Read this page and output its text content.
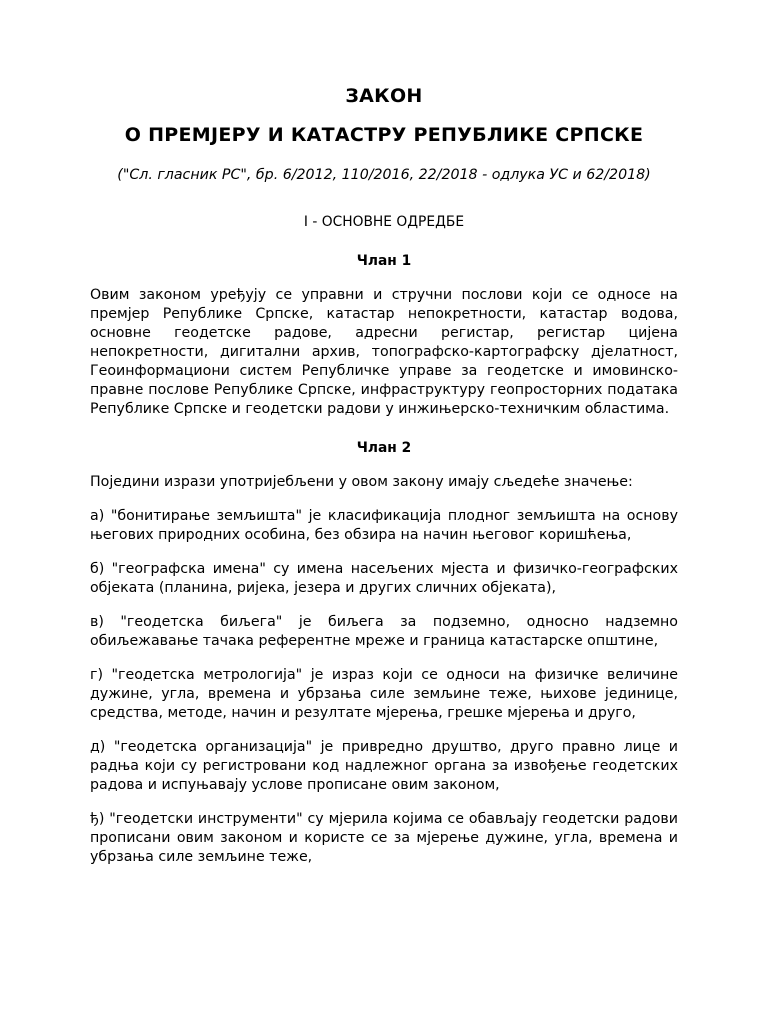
ЗАКОН

О ПРЕМЈЕРУ И КАТАСТРУ РЕПУБЛИКЕ СРПСКЕ

("Сл. гласник РС", бр. 6/2012, 110/2016, 22/2018 - одлука УС и 62/2018)

I - ОСНОВНЕ ОДРЕДБЕ

Члан 1

Овим законом уређују се управни и стручни послови који се односе на премјер Републике Српске, катастар непокретности, катастар водова, основне геодетске радове, адресни регистар, регистар цијена непокретности, дигитални архив, топографско-картографску дјелатност, Геоинформациони систем Републичке управе за геодетске и имовинско-правне послове Републике Српске, инфраструктуру геопросторних података Републике Српске и геодетски радови у инжињерско-техничким областима.

Члан 2

Поједини изрази употријебљени у овом закону имају сљедеће значење:

а) "бонитирање земљишта" је класификација плодног земљишта на основу његових природних особина, без обзира на начин његовог коришћења,

б) "географска имена" су имена насељених мјеста и физичко-географских објеката (планина, ријека, језера и других сличних објеката),

в) "геодетска биљега" је биљега за подземно, односно надземно обиљежавање тачака референтне мреже и граница катастарске општине,

г) "геодетска метрологија" је израз који се односи на физичке величине дужине, угла, времена и убрзања силе земљине теже, њихове јединице, средства, методе, начин и резултате мјерења, грешке мјерења и друго,

д) "геодетска организација" је привредно друштво, друго правно лице и радња који су регистровани код надлежног органа за извођење геодетских радова и испуњавају услове прописане овим законом,

ђ) "геодетски инструменти" су мјерила којима се обављају геодетски радови прописани овим законом и користе се за мјерење дужине, угла, времена и убрзања силе земљине теже,
